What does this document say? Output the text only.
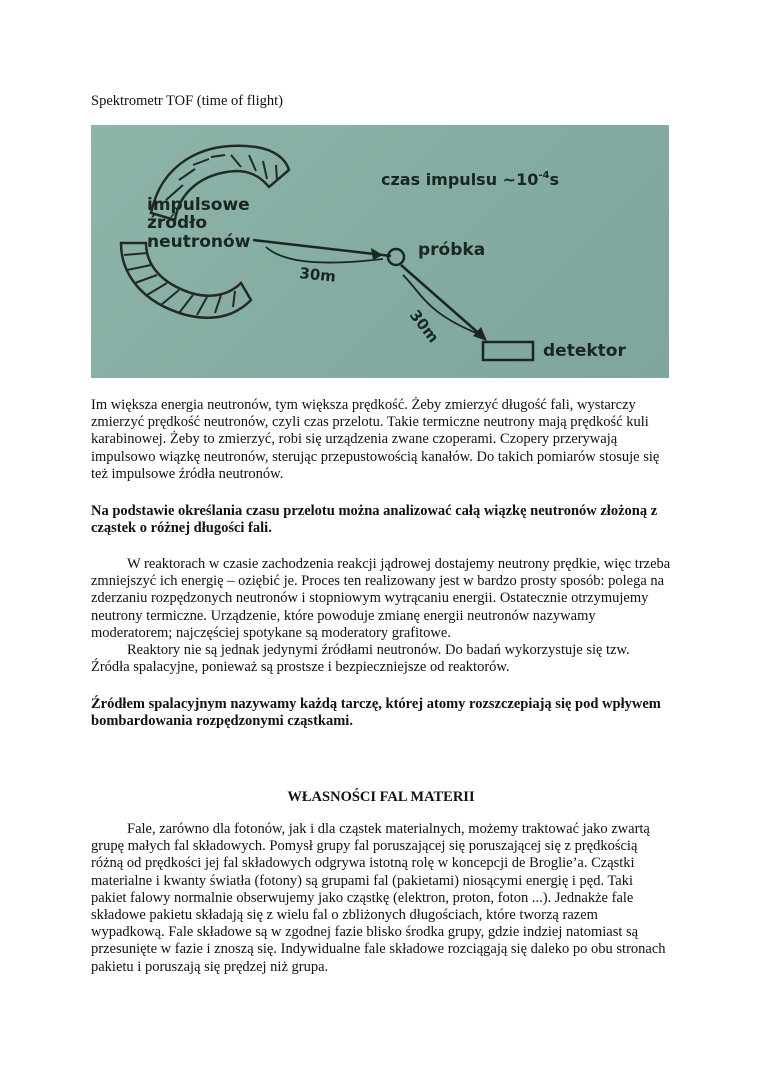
Spektrometr TOF (time of flight)
impulsowe
źródło
neutronów
30m
próbka
czas impulsu $\sim 10^{-4}s$
30m
detektor

Im większa energia neutronów, tym większa prędkość. Żeby zmierzyć długość fali, wystarczy zmierzyć prędkość neutronów, czyli czas przelotu. Takie termiczne neutrony mają prędkość kuli karabinowej. Żeby to zmierzyć, robi się urządzenia zwane czoperami. Czopery przerywają impulsowo wiązkę neutronów, sterując przepustowością kanałów. Do takich pomiarów stosuje się też impulsowe źródła neutronów.

Na podstawie określania czasu przelotu można analizować całą wiązkę neutronów złożoną z cząstek o różnej długości fali.

W reaktorach w czasie zachodzenia reakcji jądrowej dostajemy neutrony prędkie, więc trzeba zmniejszyć ich energię – oziębić je. Proces ten realizowany jest w bardzo prosty sposób: polega na zderzaniu rozpędzonych neutronów i stopniowym wytrącaniu energii. Ostatecznie otrzymujemy neutrony termiczne. Urządzenie, które powoduje zmianę energii neutronów nazywamy moderatorem; najczęściej spotykane są moderatory grafitowe.

Reaktory nie są jednak jedynymi źródłami neutronów. Do badań wykorzystuje się tzw. Źródła spalacyjne, ponieważ są prostsze i bezpieczniejsze od reaktorów.

Źródłem spalacyjnym nazywamy każdą tarczę, której atomy rozszczepiają się pod wpływem bombardowania rozpędzonymi cząstkami.

WŁASNOŚCI FAL MATERII

Fale, zarówno dla fotonów, jak i dla cząstek materialnych, możemy traktować jako zwartą grupę małych fal składowych. Pomysł grupy fal poruszającej się poruszającej się z prędkością różną od prędkości jej fal składowych odgrywa istotną rolę w koncepcji de Broglie’a. Cząstki materialne i kwanty światła (fotony) są grupami fal (pakietami) niosącymi energię i pęd. Taki pakiet falowy normalnie obserwujemy jako cząstkę (elektron, proton, foton ...). Jednakże fale składowe pakietu składają się z wielu fal o zbliżonych długościach, które tworzą razem wypadkową. Fale składowe są w zgodnej fazie blisko środka grupy, gdzie indziej natomiast są przesunięte w fazie i znoszą się. Indywidualne fale składowe rozciągają się daleko po obu stronach pakietu i poruszają się prędzej niż grupa.
